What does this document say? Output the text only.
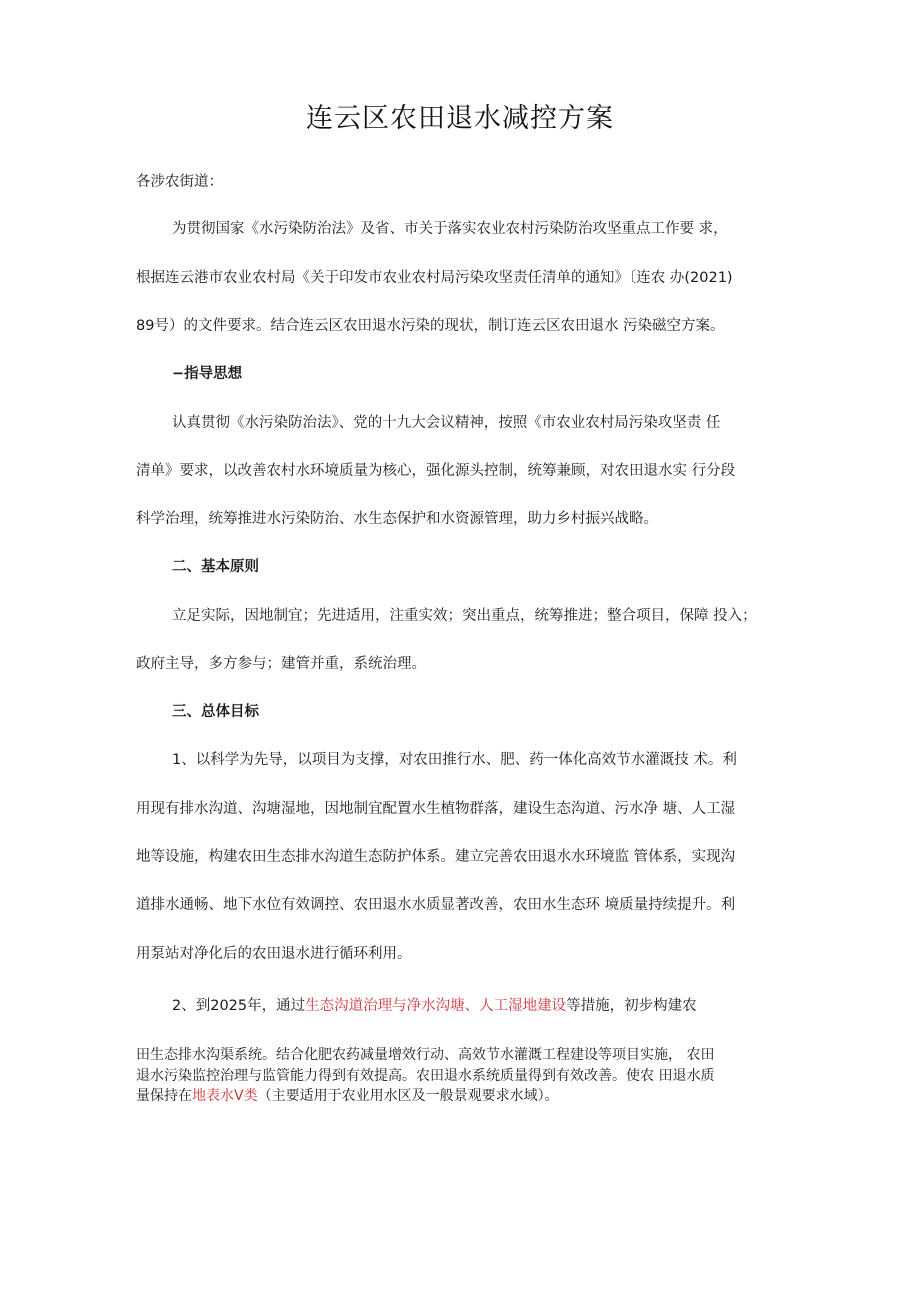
连云区农田退水减控方案
各涉农街道：
为贯彻国家《水污染防治法》及省、市关于落实农业农村污染防治攻坚重点工作要 求，
根据连云港市农业农村局《关于印发市农业农村局污染攻坚责任清单的通知》〔连农 办(2021)
89号）的文件要求。结合连云区农田退水污染的现状，制订连云区农田退水 污染磁空方案。
−指导思想
认真贯彻《水污染防治法》、党的十九大会议精神，按照《市农业农村局污染攻坚责 任
清单》要求，以改善农村水环境质量为核心，强化源头控制，统筹兼顾，对农田退水实 行分段
科学治理，统筹推进水污染防治、水生态保护和水资源管理，助力乡村振兴战略。
二、基本原则
立足实际，因地制宜；先进适用，注重实效；突出重点，统筹推进；整合项目，保障 投入；
政府主导，多方参与；建管并重，系统治理。
三、总体目标
1、以科学为先导，以项目为支撑，对农田推行水、肥、药一体化高效节水灌溉技 术。利
用现有排水沟道、沟塘湿地，因地制宜配置水生植物群落，建设生态沟道、污水净 塘、人工湿
地等设施，构建农田生态排水沟道生态防护体系。建立完善农田退水水环境监 管体系，实现沟
道排水通畅、地下水位有效调控、农田退水水质显著改善，农田水生态环 境质量持续提升。利
用泵站对净化后的农田退水进行循环利用。
2、到2025年，通过生态沟道治理与净水沟塘、人工湿地建设等措施，初步构建农
田生态排水沟渠系统。结合化肥农药减量增效行动、高效节水灌溉工程建设等项目实施， 农田
退水污染监控治理与监管能力得到有效提高。农田退水系统质量得到有效改善。使农 田退水质
量保持在地表水V类（主要适用于农业用水区及一般景观要求水域）。
